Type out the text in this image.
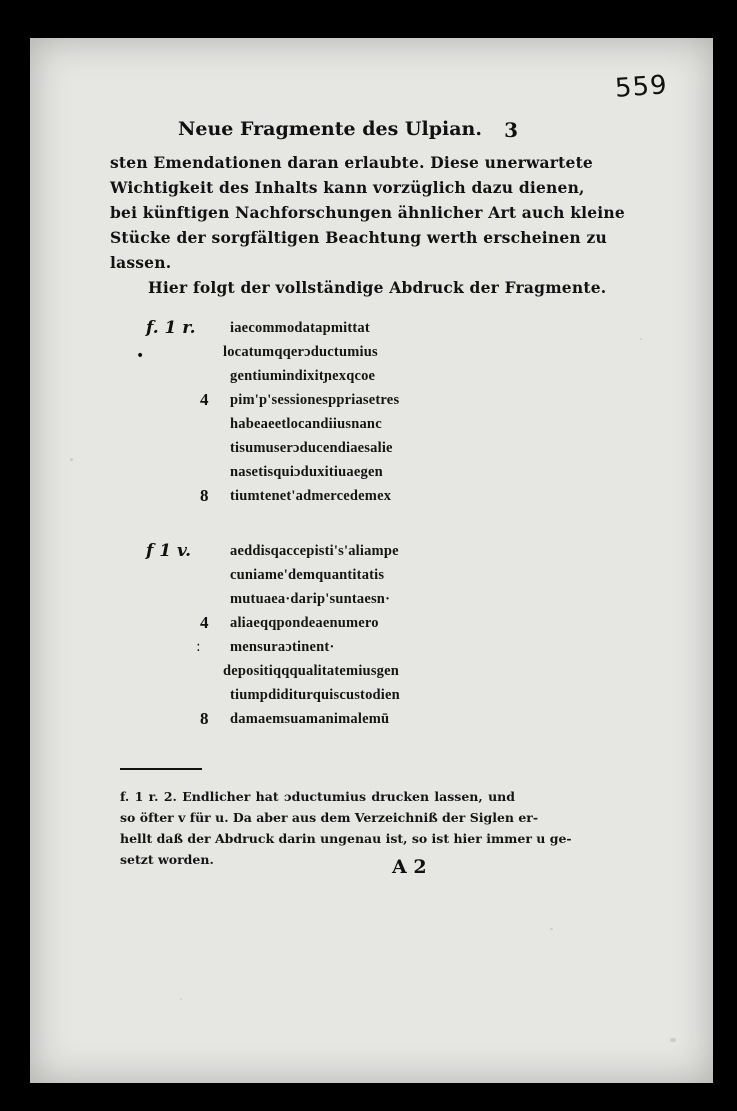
559
Neue Fragmente des Ulpian. 3
sten Emendationen daran erlaubte. Diese unerwartete
Wichtigkeit des Inhalts kann vorzüglich dazu dienen,
bei künftigen Nachforschungen ähnlicher Art auch kleine
Stücke der sorgfältigen Beachtung werth erscheinen zu
lassen.
Hier folgt der vollständige Abdruck der Fragmente.
f. 1 r.
•
iaecommodatapmittat
locatumqqerɔductumius
gentiumindixitɲexqcoe
4 pim'p'sessionesppriasetres
habeaeetlocandiiusnanc
tisumuserɔducendiaesalie
nasetisquiɔduxitiuaegen
8 tiumtenet'admercedemex
f 1 v.	aeddisqaccepisti's'aliampe
cuniame'demquantitatis
mutuaea·darip'suntaesn·
4 aliaeqqpondeaenumero
: mensuraɔtinent·
depositiqqqualitatemiusgen
tiumpdiditurquiscustodien
8 damaemsuamanimalemū
f. 1 r. 2. Endlicher hat ɔductumius drucken lassen, und
so öfter v für u. Da aber aus dem Verzeichniß der Siglen er-
hellt daß der Abdruck darin ungenau ist, so ist hier immer u ge-
setzt worden.	A 2
